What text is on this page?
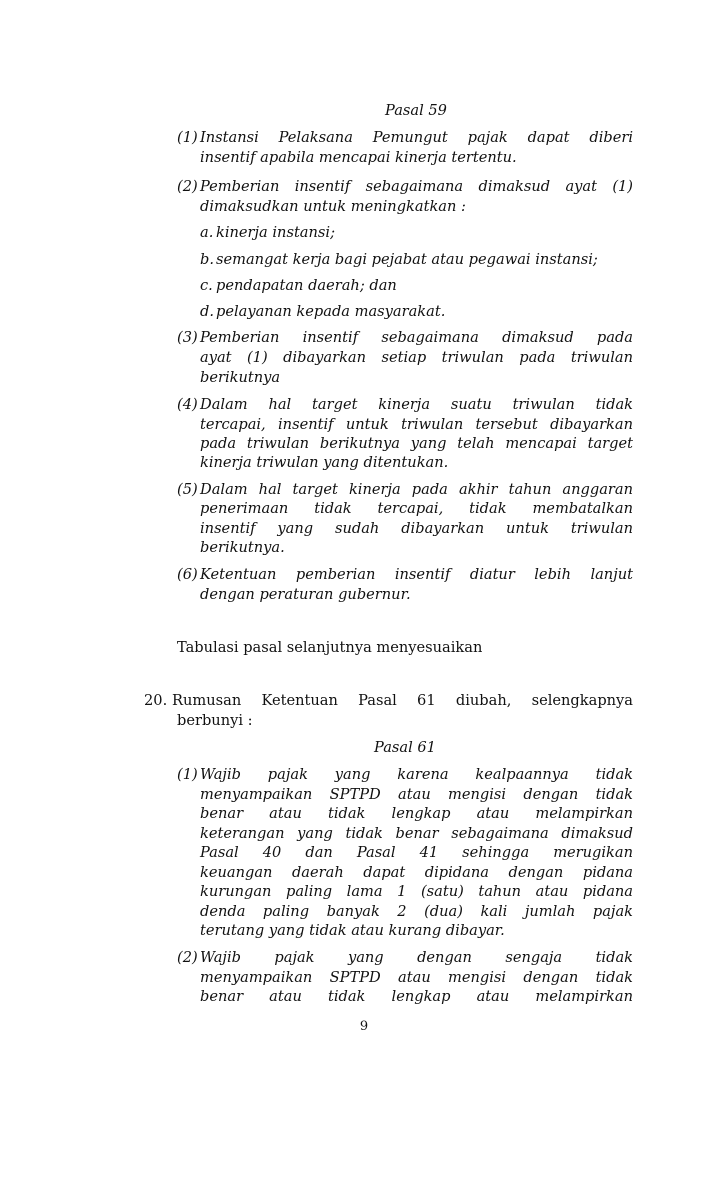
Pasal 59
(1) Instansi Pelaksana Pemungut pajak dapat diberi
insentif apabila mencapai kinerja tertentu.
(2) Pemberian insentif sebagaimana dimaksud ayat (1)
dimaksudkan untuk meningkatkan :
a. kinerja instansi;
b. semangat kerja bagi pejabat atau pegawai instansi;
c. pendapatan daerah; dan
d. pelayanan kepada masyarakat.
(3) Pemberian insentif sebagaimana dimaksud pada
ayat (1) dibayarkan setiap triwulan pada triwulan
berikutnya
(4) Dalam hal target kinerja suatu triwulan tidak
tercapai, insentif untuk triwulan tersebut dibayarkan
pada triwulan berikutnya yang telah mencapai target
kinerja triwulan yang ditentukan.
(5) Dalam hal target kinerja pada akhir tahun anggaran
penerimaan tidak tercapai, tidak membatalkan
insentif yang sudah dibayarkan untuk triwulan
berikutnya.
(6) Ketentuan pemberian insentif diatur lebih lanjut
dengan peraturan gubernur.
Tabulasi pasal selanjutnya menyesuaikan
20. Rumusan Ketentuan Pasal 61 diubah, selengkapnya
berbunyi :
Pasal 61
(1) Wajib pajak yang karena kealpaannya tidak
menyampaikan SPTPD atau mengisi dengan tidak
benar atau tidak lengkap atau melampirkan
keterangan yang tidak benar sebagaimana dimaksud
Pasal 40 dan Pasal 41 sehingga merugikan
keuangan daerah dapat dipidana dengan pidana
kurungan paling lama 1 (satu) tahun atau pidana
denda paling banyak 2 (dua) kali jumlah pajak
terutang yang tidak atau kurang dibayar.
(2) Wajib pajak yang dengan sengaja tidak
menyampaikan SPTPD atau mengisi dengan tidak
benar atau tidak lengkap atau melampirkan
9
